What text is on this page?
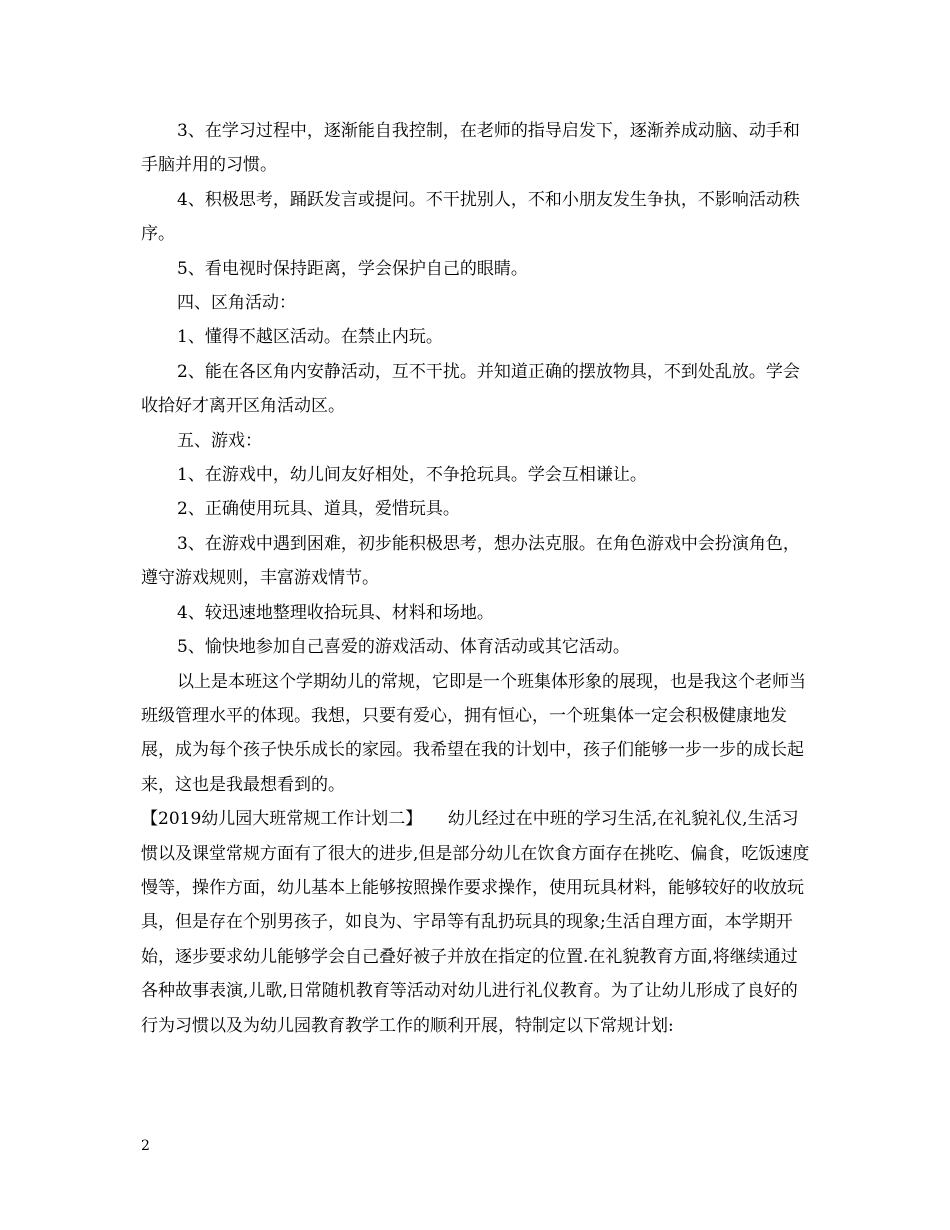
3、在学习过程中，逐渐能自我控制，在老师的指导启发下，逐渐养成动脑、动手和手脑并用的习惯。

4、积极思考，踊跃发言或提问。不干扰别人，不和小朋友发生争执，不影响活动秩序。

5、看电视时保持距离，学会保护自己的眼睛。

四、区角活动：

1、懂得不越区活动。在禁止内玩。

2、能在各区角内安静活动，互不干扰。并知道正确的摆放物具，不到处乱放。学会收拾好才离开区角活动区。

五、游戏：

1、在游戏中，幼儿间友好相处，不争抢玩具。学会互相谦让。

2、正确使用玩具、道具，爱惜玩具。

3、在游戏中遇到困难，初步能积极思考，想办法克服。在角色游戏中会扮演角色，遵守游戏规则，丰富游戏情节。

4、较迅速地整理收拾玩具、材料和场地。

5、愉快地参加自己喜爱的游戏活动、体育活动或其它活动。

以上是本班这个学期幼儿的常规，它即是一个班集体形象的展现，也是我这个老师当班级管理水平的体现。我想，只要有爱心，拥有恒心，一个班集体一定会积极健康地发展，成为每个孩子快乐成长的家园。我希望在我的计划中，孩子们能够一步一步的成长起来，这也是我最想看到的。

【2019幼儿园大班常规工作计划二】　　幼儿经过在中班的学习生活,在礼貌礼仪,生活习惯以及课堂常规方面有了很大的进步,但是部分幼儿在饮食方面存在挑吃、偏食，吃饭速度慢等，操作方面，幼儿基本上能够按照操作要求操作，使用玩具材料，能够较好的收放玩具，但是存在个别男孩子，如良为、宇昂等有乱扔玩具的现象;生活自理方面，本学期开始，逐步要求幼儿能够学会自己叠好被子并放在指定的位置.在礼貌教育方面,将继续通过各种故事表演,儿歌,日常随机教育等活动对幼儿进行礼仪教育。为了让幼儿形成了良好的行为习惯以及为幼儿园教育教学工作的顺利开展，特制定以下常规计划:

2
